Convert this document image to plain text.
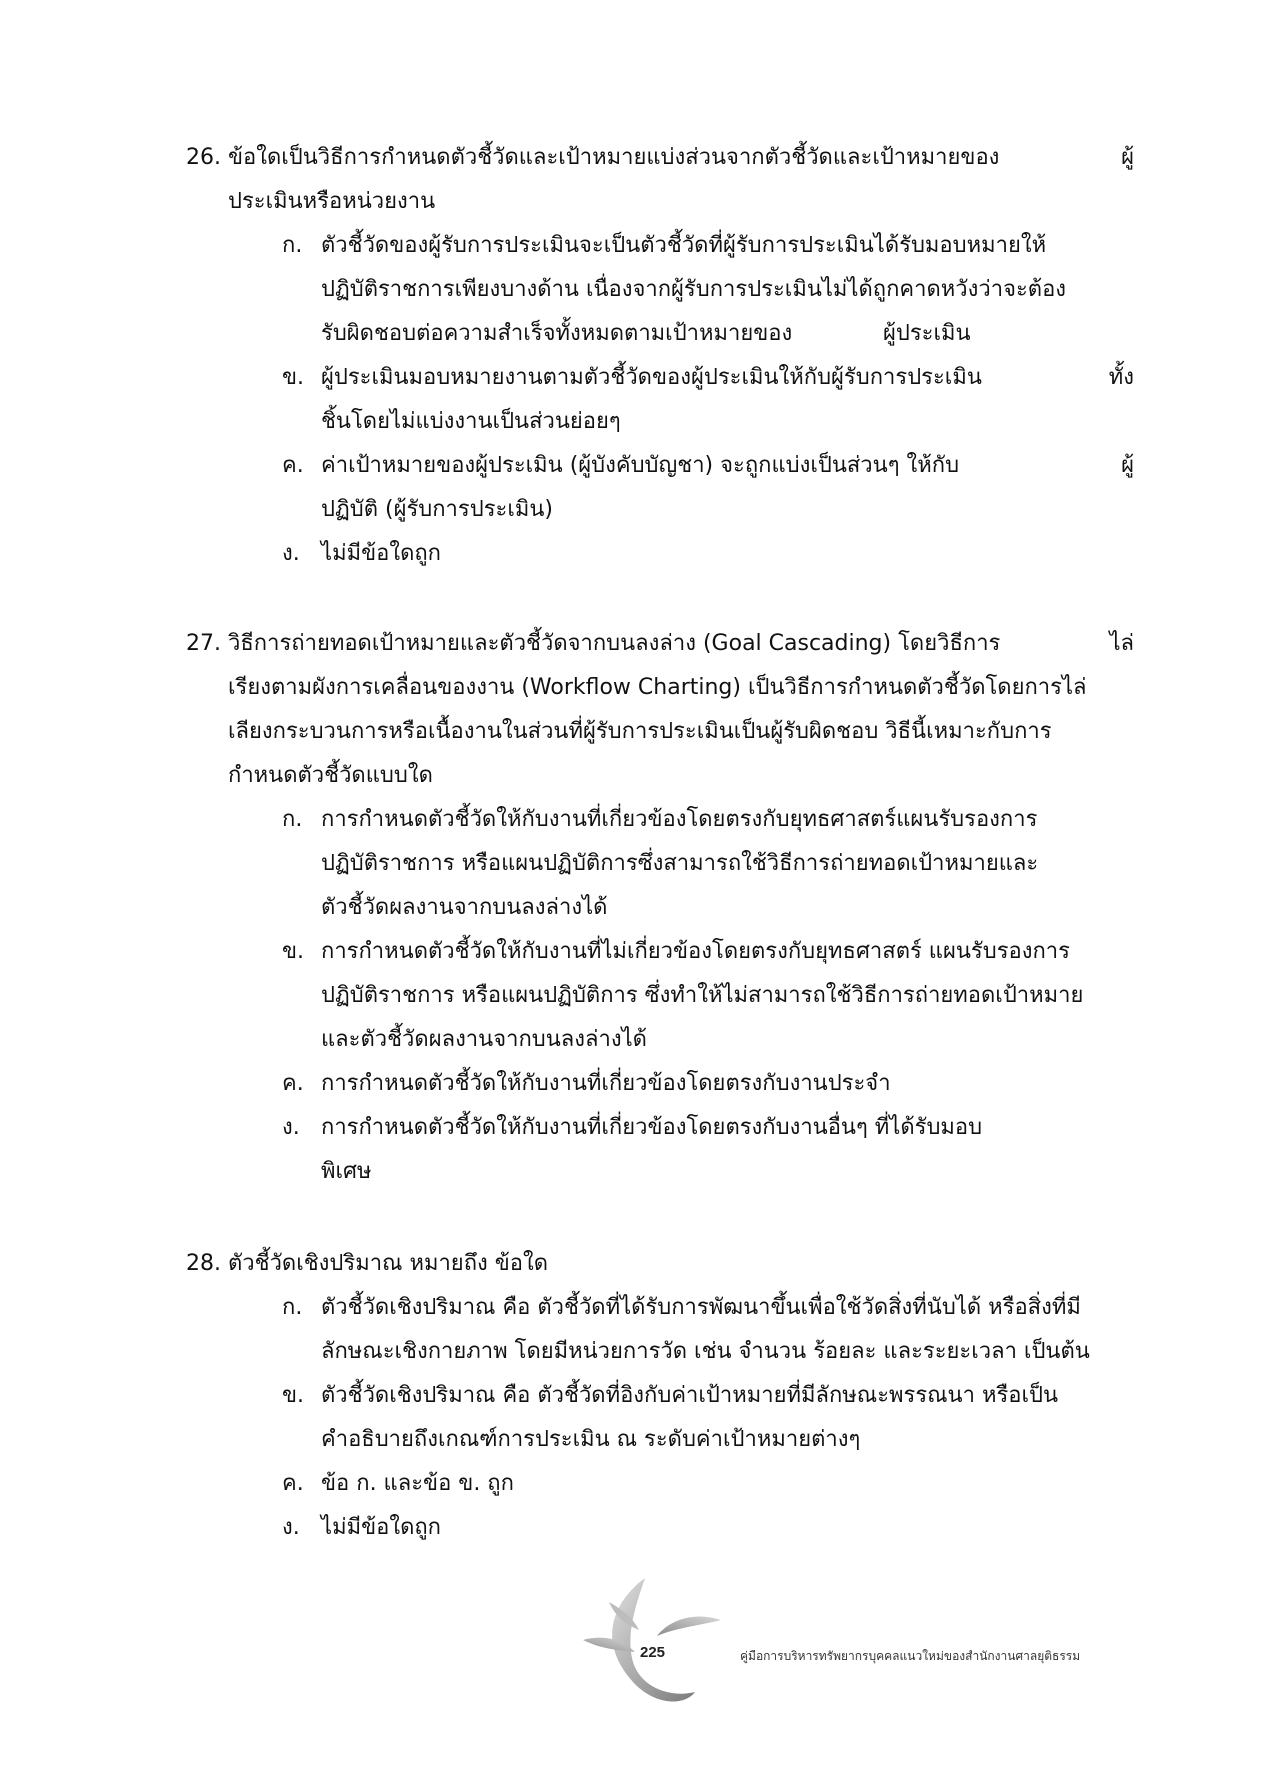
26. ข้อใดเป็นวิธีการกำหนดตัวชี้วัดและเป้าหมายแบ่งส่วนจากตัวชี้วัดและเป้าหมายของ	ผู้
ประเมินหรือหน่วยงาน
ก. ตัวชี้วัดของผู้รับการประเมินจะเป็นตัวชี้วัดที่ผู้รับการประเมินได้รับมอบหมายให้
ปฏิบัติราชการเพียงบางด้าน เนื่องจากผู้รับการประเมินไม่ได้ถูกคาดหวังว่าจะต้อง
รับผิดชอบต่อความสำเร็จทั้งหมดตามเป้าหมายของ	ผู้ประเมิน
ข. ผู้ประเมินมอบหมายงานตามตัวชี้วัดของผู้ประเมินให้กับผู้รับการประเมิน	ทั้ง
ชิ้นโดยไม่แบ่งงานเป็นส่วนย่อยๆ
ค. ค่าเป้าหมายของผู้ประเมิน (ผู้บังคับบัญชา) จะถูกแบ่งเป็นส่วนๆ ให้กับ	ผู้
ปฏิบัติ (ผู้รับการประเมิน)
ง. ไม่มีข้อใดถูก
27. วิธีการถ่ายทอดเป้าหมายและตัวชี้วัดจากบนลงล่าง (Goal Cascading) โดยวิธีการ	ไล่
เรียงตามผังการเคลื่อนของงาน (Workflow Charting) เป็นวิธีการกำหนดตัวชี้วัดโดยการไล่
เลียงกระบวนการหรือเนื้องานในส่วนที่ผู้รับการประเมินเป็นผู้รับผิดชอบ วิธีนี้เหมาะกับการ
กำหนดตัวชี้วัดแบบใด
ก. การกำหนดตัวชี้วัดให้กับงานที่เกี่ยวข้องโดยตรงกับยุทธศาสตร์แผนรับรองการ
ปฏิบัติราชการ หรือแผนปฏิบัติการซึ่งสามารถใช้วิธีการถ่ายทอดเป้าหมายและ
ตัวชี้วัดผลงานจากบนลงล่างได้
ข. การกำหนดตัวชี้วัดให้กับงานที่ไม่เกี่ยวข้องโดยตรงกับยุทธศาสตร์ แผนรับรองการ
ปฏิบัติราชการ หรือแผนปฏิบัติการ ซึ่งทำให้ไม่สามารถใช้วิธีการถ่ายทอดเป้าหมาย
และตัวชี้วัดผลงานจากบนลงล่างได้
ค. การกำหนดตัวชี้วัดให้กับงานที่เกี่ยวข้องโดยตรงกับงานประจำ
ง. การกำหนดตัวชี้วัดให้กับงานที่เกี่ยวข้องโดยตรงกับงานอื่นๆ ที่ได้รับมอบ
พิเศษ
28. ตัวชี้วัดเชิงปริมาณ หมายถึง ข้อใด
ก. ตัวชี้วัดเชิงปริมาณ คือ ตัวชี้วัดที่ได้รับการพัฒนาขึ้นเพื่อใช้วัดสิ่งที่นับได้ หรือสิ่งที่มี
ลักษณะเชิงกายภาพ โดยมีหน่วยการวัด เช่น จำนวน ร้อยละ และระยะเวลา เป็นต้น
ข. ตัวชี้วัดเชิงปริมาณ คือ ตัวชี้วัดที่อิงกับค่าเป้าหมายที่มีลักษณะพรรณนา หรือเป็น
คำอธิบายถึงเกณฑ์การประเมิน ณ ระดับค่าเป้าหมายต่างๆ
ค. ข้อ ก. และข้อ ข. ถูก
ง. ไม่มีข้อใดถูก
225	คู่มือการบริหารทรัพยากรบุคคลแนวใหม่ของสำนักงานศาลยุติธรรม
